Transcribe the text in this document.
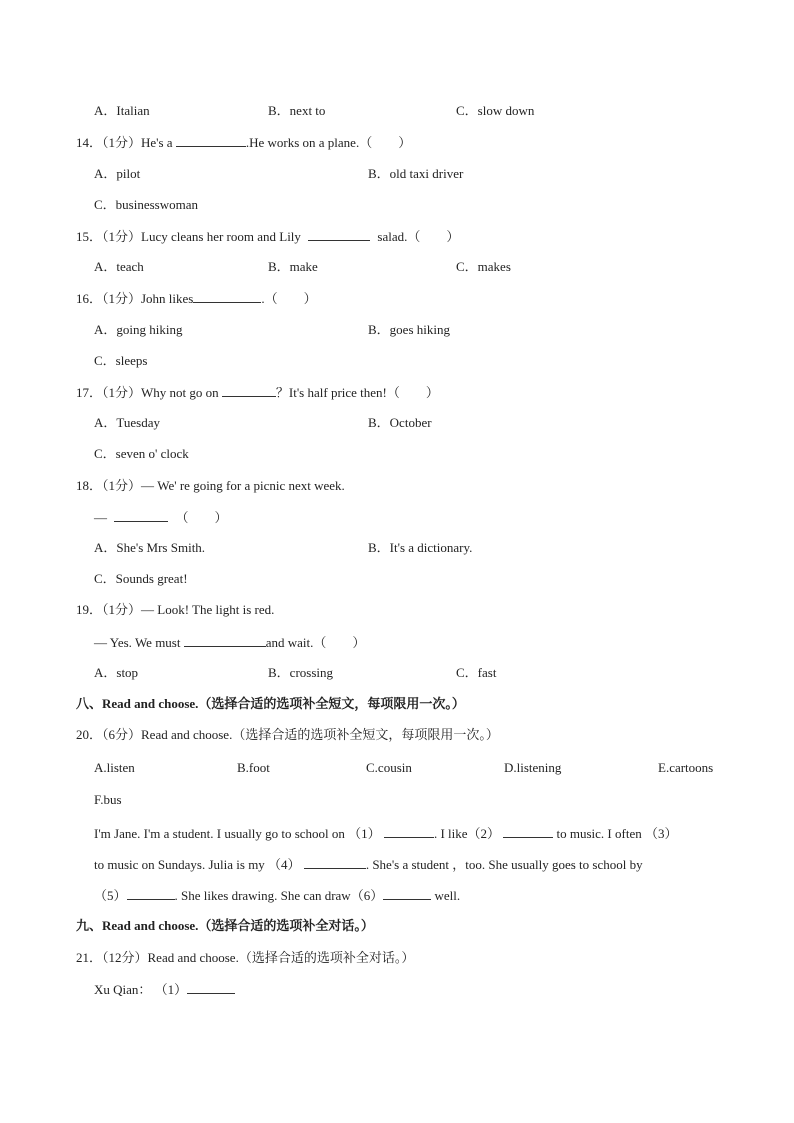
A．Italian	B．next to	C．slow down
14．（1分）He's a	.He works on a plane.（　　）
A．pilot	B．old taxi driver
C．businesswoman
15．（1分）Lucy cleans her room and Lily	salad.（　　）
A．teach	B．make	C．makes
16．（1分）John likes	.（　　）
A．going hiking	B．goes hiking
C．sleeps
17．（1分）Why not go on	？It's half price then!（　　）
A．Tuesday	B．October
C．seven o' clock
18．（1分）— We' re going for a picnic next week.
—	（　　）
A．She's Mrs Smith.	B．It's a dictionary.
C．Sounds great!
19．（1分）— Look! The light is red.
— Yes. We must	and wait.（　　）
A．stop	B．crossing	C．fast
八、Read and choose.（选择合适的选项补全短文，每项限用一次。）
20．（6分）Read and choose.（选择合适的选项补全短文，每项限用一次。）
A.listen	B.foot	C.cousin	D.listening	E.cartoons
F.bus
I'm Jane. I'm a student. I usually go to school on （1）	. I like（2）	to music. I often （3）
to music on Sundays. Julia is my （4）	. She's a student ，too. She usually goes to school by
（5）	. She likes drawing. She can draw（6）	well.
九、Read and choose.（选择合适的选项补全对话。）
21．（12分）Read and choose.（选择合适的选项补全对话。）
Xu Qian： （1）
